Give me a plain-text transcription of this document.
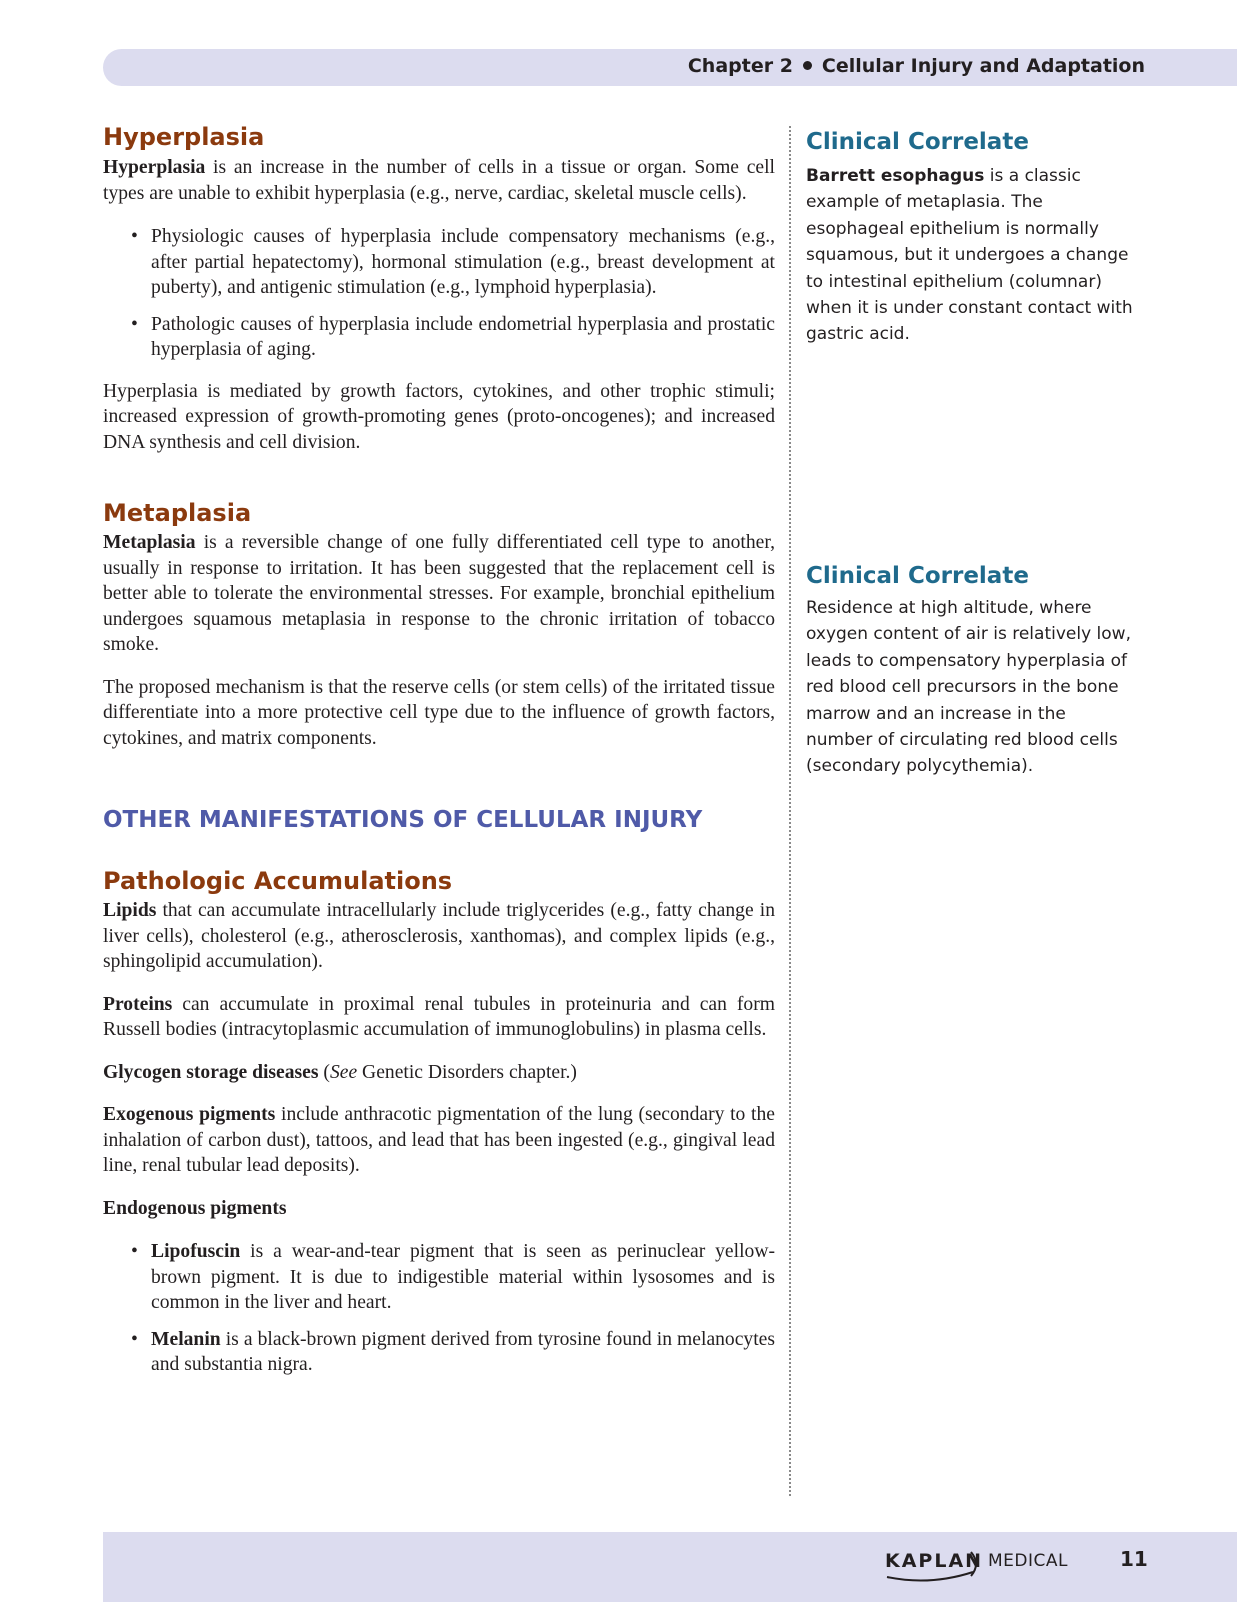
Chapter 2 Cellular Injury and Adaptation
Hyperplasia

Hyperplasia is an increase in the number of cells in a tissue or organ. Some cell types are unable to exhibit hyperplasia (e.g., nerve, cardiac, skeletal muscle cells).

• Physiologic causes of hyperplasia include compensatory mechanisms (e.g., after partial hepatectomy), hormonal stimulation (e.g., breast development at puberty), and antigenic stimulation (e.g., lymphoid hyperplasia).
• Pathologic causes of hyperplasia include endometrial hyperplasia and prostatic hyperplasia of aging.

Hyperplasia is mediated by growth factors, cytokines, and other trophic stimuli; increased expression of growth-promoting genes (proto-oncogenes); and increased DNA synthesis and cell division.

Metaplasia

Metaplasia is a reversible change of one fully differentiated cell type to another, usually in response to irritation. It has been suggested that the replacement cell is better able to tolerate the environmental stresses. For example, bronchial epithelium undergoes squamous metaplasia in response to the chronic irritation of tobacco smoke.

The proposed mechanism is that the reserve cells (or stem cells) of the irritated tissue differentiate into a more protective cell type due to the influence of growth factors, cytokines, and matrix components.

OTHER MANIFESTATIONS OF CELLULAR INJURY
Pathologic Accumulations

Lipids that can accumulate intracellularly include triglycerides (e.g., fatty change in liver cells), cholesterol (e.g., atherosclerosis, xanthomas), and complex lipids (e.g., sphingolipid accumulation).

Proteins can accumulate in proximal renal tubules in proteinuria and can form Russell bodies (intracytoplasmic accumulation of immunoglobulins) in plasma cells.

Glycogen storage diseases (See Genetic Disorders chapter.)

Exogenous pigments include anthracotic pigmentation of the lung (secondary to the inhalation of carbon dust), tattoos, and lead that has been ingested (e.g., gingival lead line, renal tubular lead deposits).

Endogenous pigments

• Lipofuscin is a wear-and-tear pigment that is seen as perinuclear yellow-brown pigment. It is due to indigestible material within lysosomes and is common in the liver and heart.
• Melanin is a black-brown pigment derived from tyrosine found in melanocytes and substantia nigra.
Clinical Correlate
Barrett esophagus is a classic example of metaplasia. The esophageal epithelium is normally squamous, but it undergoes a change to intestinal epithelium (columnar) when it is under constant contact with gastric acid.
Clinical Correlate
Residence at high altitude, where oxygen content of air is relatively low, leads to compensatory hyperplasia of red blood cell precursors in the bone marrow and an increase in the number of circulating red blood cells (secondary polycythemia).
KAPLAN MEDICAL	11
